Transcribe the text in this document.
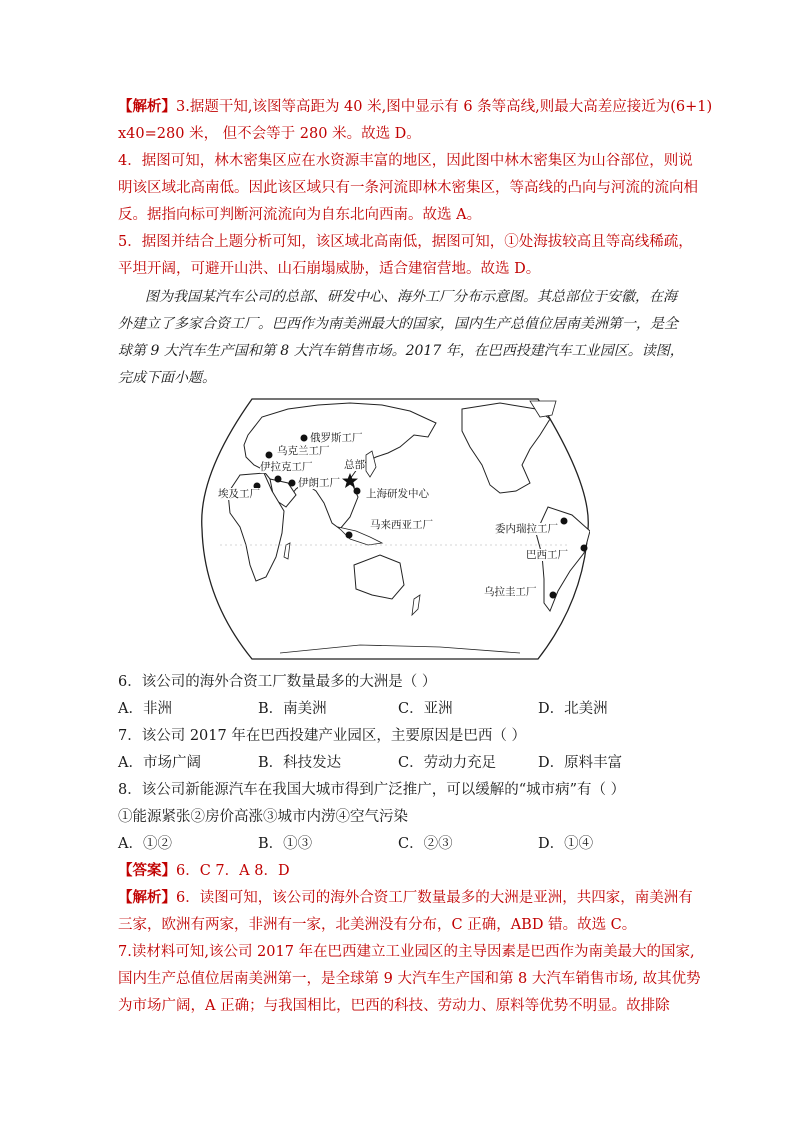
【解析】3.据题干知,该图等高距为 40 米,图中显示有 6 条等高线,则最大高差应接近为(6+1)
x40=280 米， 但不会等于 280 米。故选 D。
4．据图可知，林木密集区应在水资源丰富的地区，因此图中林木密集区为山谷部位，则说
明该区域北高南低。因此该区域只有一条河流即林木密集区，等高线的凸向与河流的流向相
反。据指向标可判断河流流向为自东北向西南。故选 A。
5．据图并结合上题分析可知，该区域北高南低，据图可知，①处海拔较高且等高线稀疏，
平坦开阔，可避开山洪、山石崩塌威胁，适合建宿营地。故选 D。
图为我国某汽车公司的总部、研发中心、海外工厂分布示意图。其总部位于安徽，在海
外建立了多家合资工厂。巴西作为南美洲最大的国家，国内生产总值位居南美洲第一，是全
球第 9 大汽车生产国和第 8 大汽车销售市场。2017 年，在巴西投建汽车工业园区。读图，
完成下面小题。
俄罗斯工厂
乌克兰工厂
伊拉克工厂	总部
伊朗工厂
埃及工厂	上海研发中心
马来西亚工厂	委内瑞拉工厂
巴西工厂
乌拉圭工厂
6．该公司的海外合资工厂数量最多的大洲是（ ）
A．非洲	B．南美洲	C．亚洲	D．北美洲
7．该公司 2017 年在巴西投建产业园区，主要原因是巴西（ ）
A．市场广阔	B．科技发达	C．劳动力充足	D．原料丰富
8．该公司新能源汽车在我国大城市得到广泛推广，可以缓解的“城市病”有（ ）
①能源紧张②房价高涨③城市内涝④空气污染
A．①②	B．①③	C．②③	D．①④
【答案】6．C 7．A 8．D
【解析】6．读图可知，该公司的海外合资工厂数量最多的大洲是亚洲，共四家，南美洲有
三家，欧洲有两家，非洲有一家，北美洲没有分布，C 正确，ABD 错。故选 C。
7.读材料可知,该公司 2017 年在巴西建立工业园区的主导因素是巴西作为南美最大的国家,
国内生产总值位居南美洲第一，是全球第 9 大汽车生产国和第 8 大汽车销售市场, 故其优势
为市场广阔，A 正确；与我国相比，巴西的科技、劳动力、原料等优势不明显。故排除
